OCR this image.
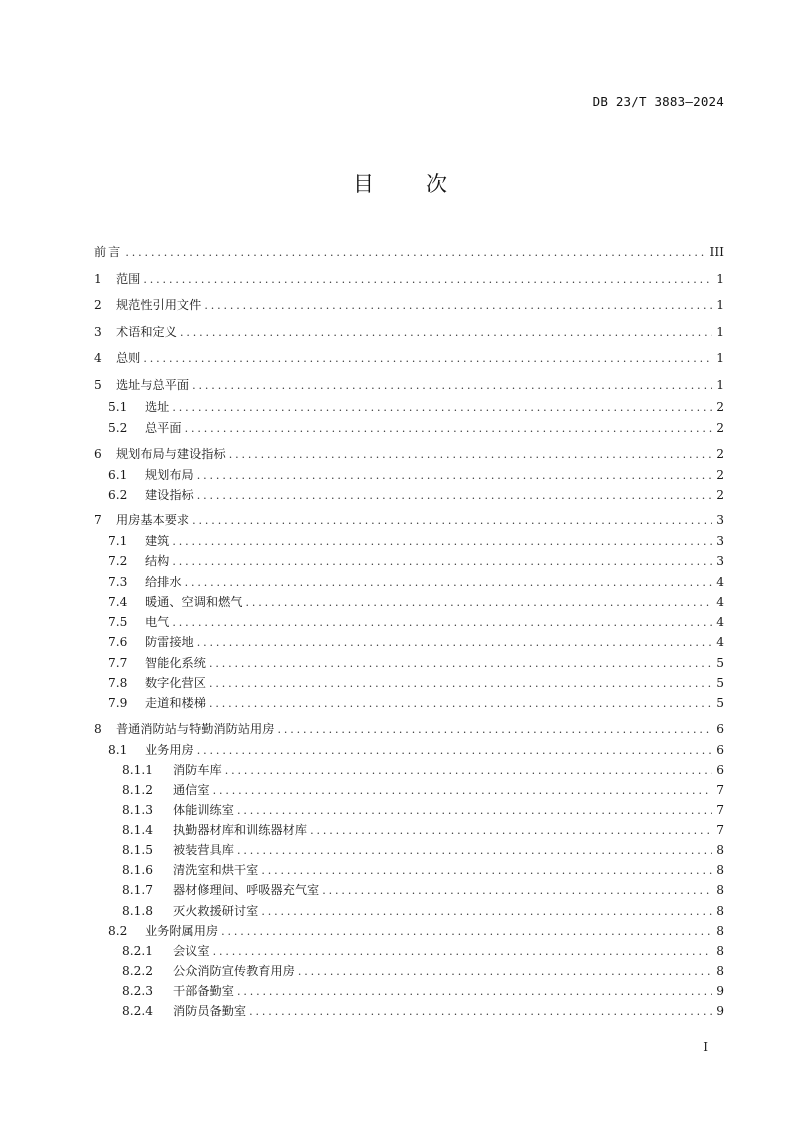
DB 23/T 3883—2024
目 次
前言 . . .	III
1	范围 . . .	1
2	规范性引用文件 . . .	1
3	术语和定义 . . .	1
4	总则 . . .	1
5	选址与总平面 . . .	1
5.1	选址 . . .	2
5.2	总平面 . . .	2
6	规划布局与建设指标 . . .	2
6.1	规划布局 . . .	2
6.2	建设指标 . . .	2
7	用房基本要求 . . .	3
7.1	建筑 . . .	3
7.2	结构 . . .	3
7.3	给排水 . . .	4
7.4	暖通、空调和燃气 . . .	4
7.5	电气 . . .	4
7.6	防雷接地 . . .	4
7.7	智能化系统 . . .	5
7.8	数字化营区 . . .	5
7.9	走道和楼梯 . . .	5
8	普通消防站与特勤消防站用房 . . .	6
8.1	业务用房 . . .	6
8.1.1	消防车库 . . .	6
8.1.2	通信室 . . .	7
8.1.3	体能训练室 . . .	7
8.1.4	执勤器材库和训练器材库 . . .	7
8.1.5	被装营具库 . . .	8
8.1.6	清洗室和烘干室 . . .	8
8.1.7	器材修理间、呼吸器充气室 . . .	8
8.1.8	灭火救援研讨室 . . .	8
8.2	业务附属用房 . . .	8
8.2.1	会议室 . . .	8
8.2.2	公众消防宣传教育用房 . . .	8
8.2.3	干部备勤室 . . .	9
8.2.4	消防员备勤室 . . .	9
I
